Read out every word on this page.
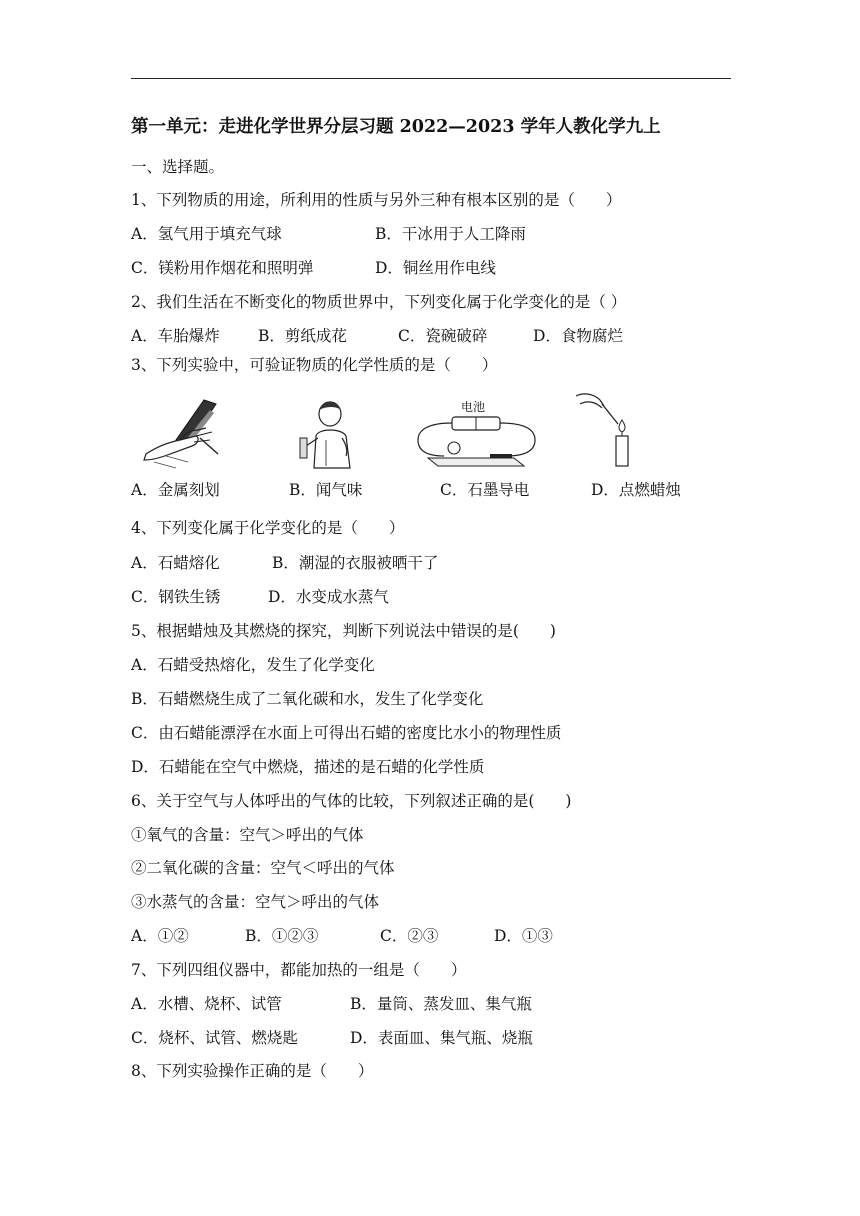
第一单元：走进化学世界分层习题 2022—2023 学年人教化学九上
一、选择题。
1、下列物质的用途，所利用的性质与另外三种有根本区别的是（　　）
A．氢气用于填充气球	B．干冰用于人工降雨
C．镁粉用作烟花和照明弹	D．铜丝用作电线
2、我们生活在不断变化的物质世界中，下列变化属于化学变化的是（ ）
A．车胎爆炸 B．剪纸成花	C．瓷碗破碎	D．食物腐烂
3、下列实验中，可验证物质的化学性质的是（　　）
电池
A．金属刻划	B．闻气味	C．石墨导电	D．点燃蜡烛
4、下列变化属于化学变化的是（　　）
A．石蜡熔化	B．潮湿的衣服被晒干了
C．钢铁生锈	D．水变成水蒸气
5、根据蜡烛及其燃烧的探究，判断下列说法中错误的是(　　)
A．石蜡受热熔化，发生了化学变化
B．石蜡燃烧生成了二氧化碳和水，发生了化学变化
C．由石蜡能漂浮在水面上可得出石蜡的密度比水小的物理性质
D．石蜡能在空气中燃烧，描述的是石蜡的化学性质
6、关于空气与人体呼出的气体的比较，下列叙述正确的是(　　)
①氧气的含量：空气＞呼出的气体
②二氧化碳的含量：空气＜呼出的气体
③水蒸气的含量：空气＞呼出的气体
A．①②	B．①②③	C．②③	D．①③
7、下列四组仪器中，都能加热的一组是（　　）
A．水槽、烧杯、试管	B．量筒、蒸发皿、集气瓶
C．烧杯、试管、燃烧匙	D．表面皿、集气瓶、烧瓶
8、下列实验操作正确的是（　　）
